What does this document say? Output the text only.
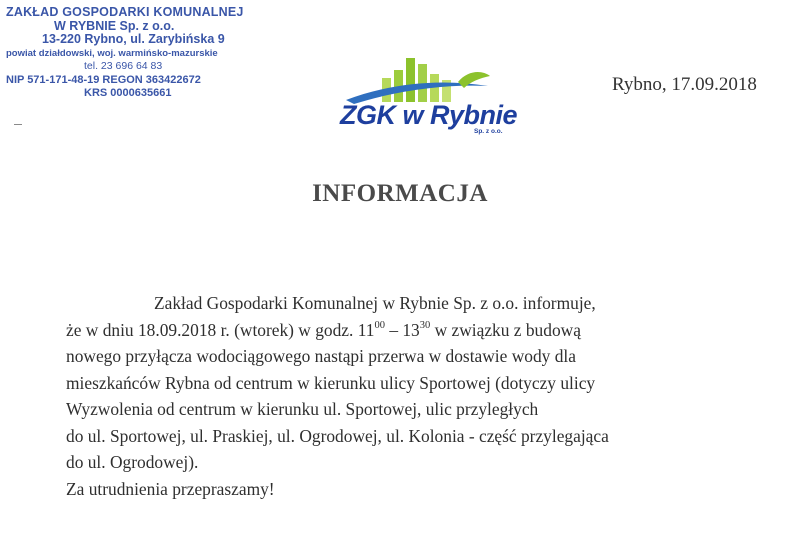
ZAKŁAD GOSPODARKI KOMUNALNEJ
W RYBNIE Sp. z o.o.
13-220 Rybno, ul. Zarybińska 9
powiat działdowski, woj. warmińsko-mazurskie
tel. 23 696 64 83
NIP 571-171-48-19 REGON 363422672
KRS 0000635661
ZGK w Rybnie
Sp. z o.o.
Rybno, 17.09.2018
INFORMACJA
Zakład Gospodarki Komunalnej w Rybnie Sp. z o.o. informuje,
że w dniu 18.09.2018 r. (wtorek) w godz. $11^{00} - 13^{30}$ w związku z budową
nowego przyłącza wodociągowego nastąpi przerwa w dostawie wody dla
mieszkańców Rybna od centrum w kierunku ulicy Sportowej (dotyczy ulicy
Wyzwolenia od centrum w kierunku ul. Sportowej, ulic przyległych
do ul. Sportowej, ul. Praskiej, ul. Ogrodowej, ul. Kolonia - część przylegająca
do ul. Ogrodowej).
Za utrudnienia przepraszamy!
